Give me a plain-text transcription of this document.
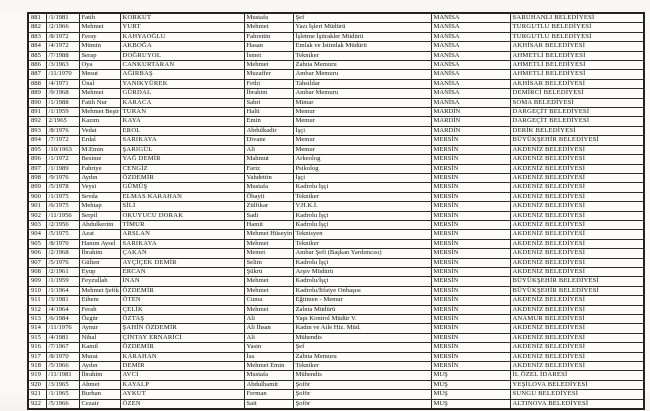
881	/1/1981	Fatih	KORKUT	Mustafa	Şef	MANİSA	SARUHANLI BELEDİYESİ
882	/2/1966	Mehmet	YURT	Mehmet	Yazı İşleri Müdürü	MANİSA	TURGUTLU BELEDİYESİ
883	/8/1972	Feray	KAHYAOĞLU	Fahrettin	İşletme İştirakler Müdürü	MANİSA	TURGUTLU BELEDİYESİ
884	/4/1972	Mümin	AKBOĞA	Hasan	Emlak ve İstimlak Müdürü	MANİSA	AKHİSAR BELEDİYESİ
885	/7/1988	Serap	DOĞRUYOL	İsmet	Tekniker	MANİSA	AHMETLİ BELEDİYESİ
886	/3/1963	Oya	CANKURTARAN	Mehmet	Zabıta Memuru	MANİSA	AHMETLİ BELEDİYESİ
887	/11/1970	Mesut	AĞIRBAŞ	Muzaffer	Ambar Memuru	MANİSA	AHMETLİ BELEDİYESİ
888	/4/1971	Ünal	YANIKYÜREK	Fethi	Tahsildar	MANİSA	AKHİSAR BELEDİYESİ
889	/9/1968	Mehmet	GÜRDAL	İbrahim	Ambar Memuru	MANİSA	DEMİRCİ BELEDİYESİ
890	/1/1988	Fatih Nur	KARACA	Sabri	Mimar	MANİSA	SOMA BELEDİYESİ
891	/1/1959	Mehmet Beşir	TURAN	Halit	Memur	MARDİN	DARGEÇİT BELEDİYESİ
892	2/1965	Kazım	KAYA	Emin	Memur	MARDİN	DARGEÇİT BELEDİYESİ
893	/8/1976	Vedat	EROL	Abdulkadir	İşçi	MARDİN	DERİK BELEDİYESİ
894	/7/1972	Erdal	SARIKAYA	Divane	Memur	MERSİN	BÜYÜKŞEHİR BELEDİYESİ
895	/10/1963	M.Emin	ŞARIGÜL	Ali	Memur	MERSİN	AKDENİZ BELEDİYESİ
896	/1/1972	Besime	YAĞ DEMİR	Mahmut	Arkeolog	MERSİN	AKDENİZ BELEDİYESİ
897	/1/1989	Fahriye	CENGİZ	Fariz	Psikolog	MERSİN	AKDENİZ BELEDİYESİ
898	/9/1976	Aydın	ÖZDEMİR	Vahdettin	İşçi	MERSİN	AKDENİZ BELEDİYESİ
899	/5/1978	Veysi	GÜMÜŞ	Mustafa	Kadrolu İşçi	MERSİN	AKDENİZ BELEDİYESİ
900	/1/1975	Sevda	ELMAS KARAHAN	Öbayit	Tekniker	MERSİN	AKDENİZ BELEDİYESİ
901	/6/1975	Mehtap	SİLİ	Zülfikar	V.H.K.İ.	MERSİN	AKDENİZ BELEDİYESİ
902	/11/1956	Serpil	OKUYUCU DORAK	Sadi	Kadrolu İşçi	MERSİN	AKDENİZ BELEDİYESİ
903	/2/1956	Abdulkerim	TİMUR	Hamit	Kadrolu İşçi	MERSİN	AKDENİZ BELEDİYESİ
904	/5/1975	Azat	ARSLAN	Mehmet Hüseyin	Teknisyen	MERSİN	AKDENİZ BELEDİYESİ
905	/8/1970	Hanım Aysel	SARIKAYA	Mehmet	Tekniker	MERSİN	AKDENİZ BELEDİYESİ
906	/2/1968	İbrahim	ÇAKAN	Memet	Ambar Şefi (Başkan Yardımcısı)	MERSİN	AKDENİZ BELEDİYESİ
907	/5/1976	Gülten	AYÇİÇEK DEMİR	Selim	Kadrolu İşçi	MERSİN	AKDENİZ BELEDİYESİ
908	/2/1961	Eyup	ERCAN	Şükrü	Arşiv Müdürü	MERSİN	AKDENİZ BELEDİYESİ
909	/1/1959	Feyzullah	İNAN	Mehmet	Kadrolu/İşçi	MERSİN	BÜYÜKŞEHİR BELEDİYESİ
910	/1/1964	Mehmet Şefik	ÖZDEMİR	Mehmet	Kadrolu/İtfaiye Onbaşısı	MERSİN	BÜYÜKŞEHİR BELEDİYESİ
911	/3/1981	Ethem	ÖTEN	Cuma	Eğitmen - Memur	MERSİN	AKDENİZ BELEDİYESİ
912	/4/1964	Ferah	ÇELİK	Mehmet	Zabıta Müdürü	MERSİN	AKDENİZ BELEDİYESİ
913	/6/1984	Özgür	ÖZTAŞ	Ali	Yapı Kontrol Müdür V.	MERSİN	ANAMUR BELEDİYESİ
914	/11/1976	Aynur	ŞAHİN ÖZDEMİR	Ali İhsan	Kadın ve Aile Hiz. Müd.	MERSİN	AKDENİZ BELEDİYESİ
915	/4/1981	Nihal	ÇİNTAY ERNARİCİ	Ali	Mühendis	MERSİN	AKDENİZ BELEDİYESİ
916	/7/1967	Kamil	ÖZDEMİR	Yasin	Şef	MERSİN	AKDENİZ BELEDİYESİ
917	/8/1970	Murat	KARAHAN	İsa	Zabıta Memuru	MERSİN	AKDENİZ BELEDİYESİ
918	/5/1966	Aydın	DEMİR	Mehmet Emin	Tekniker	MERSİN	AKDENİZ BELEDİYESİ
919	/11/1981	İbrahim	AVCI	Mustafa	Mühendis	MUŞ	İL ÖZEL İDARESİ
920	/3/1965	Ahmet	KAYALP	Abdulhamit	Şoför	MUŞ	YEŞİLOVA BELEDİYESİ
921	/1/1965	Burhan	AYKUT	Ferman	Şoför	MUŞ	SUNGU BELEDİYESİ
922	/5/1966	Cezair	ÖZEN	Sait	Şoför	MUŞ	ALTINOVA BELEDİYESİ
